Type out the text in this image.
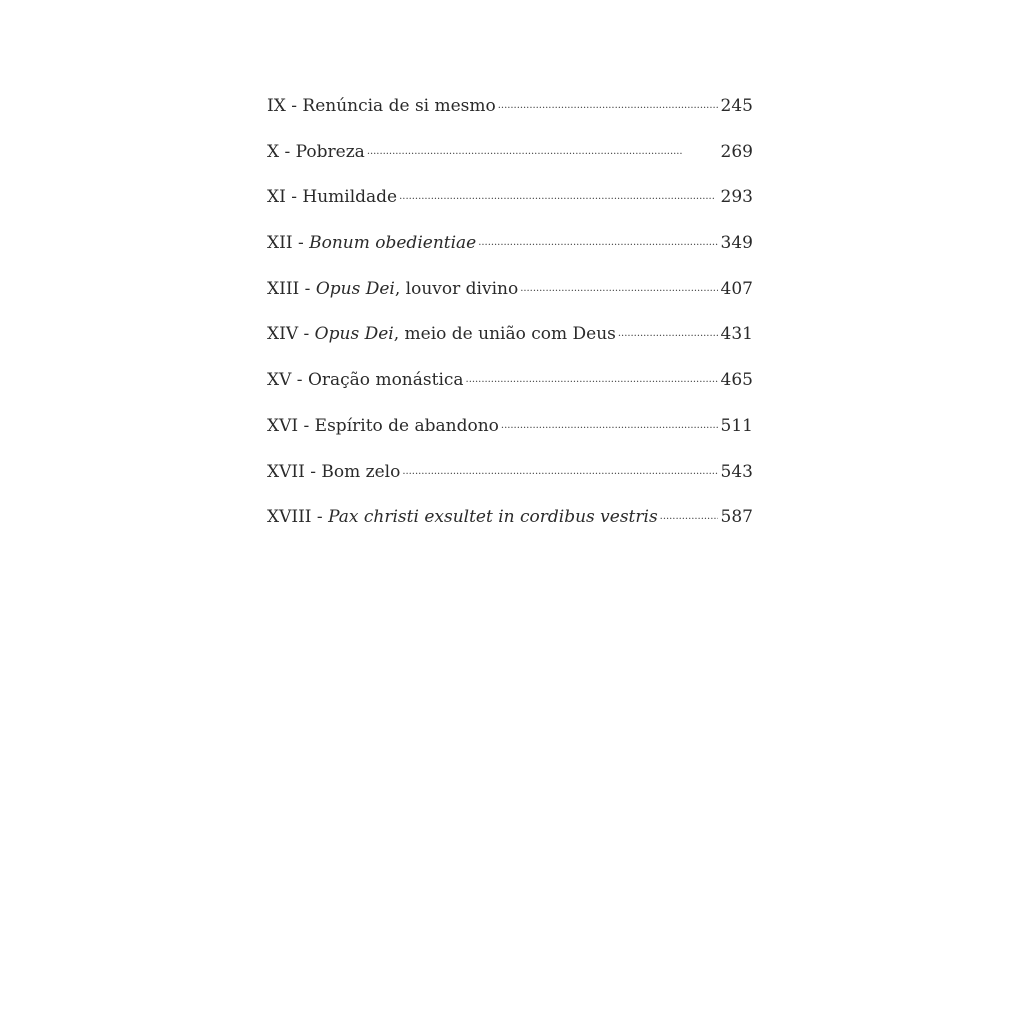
IX - Renúncia de si mesmo . . .	245
X - Pobreza . . .	269
XI - Humildade . . .	293
XII - Bonum obedientiae . . .	349
XIII - Opus Dei, louvor divino . . .	407
XIV - Opus Dei, meio de união com Deus . . .	431
XV - Oração monástica . . .	465
XVI - Espírito de abandono . . .	511
XVII - Bom zelo . . .	543
XVIII - Pax christi exsultet in cordibus vestris . . .	587
